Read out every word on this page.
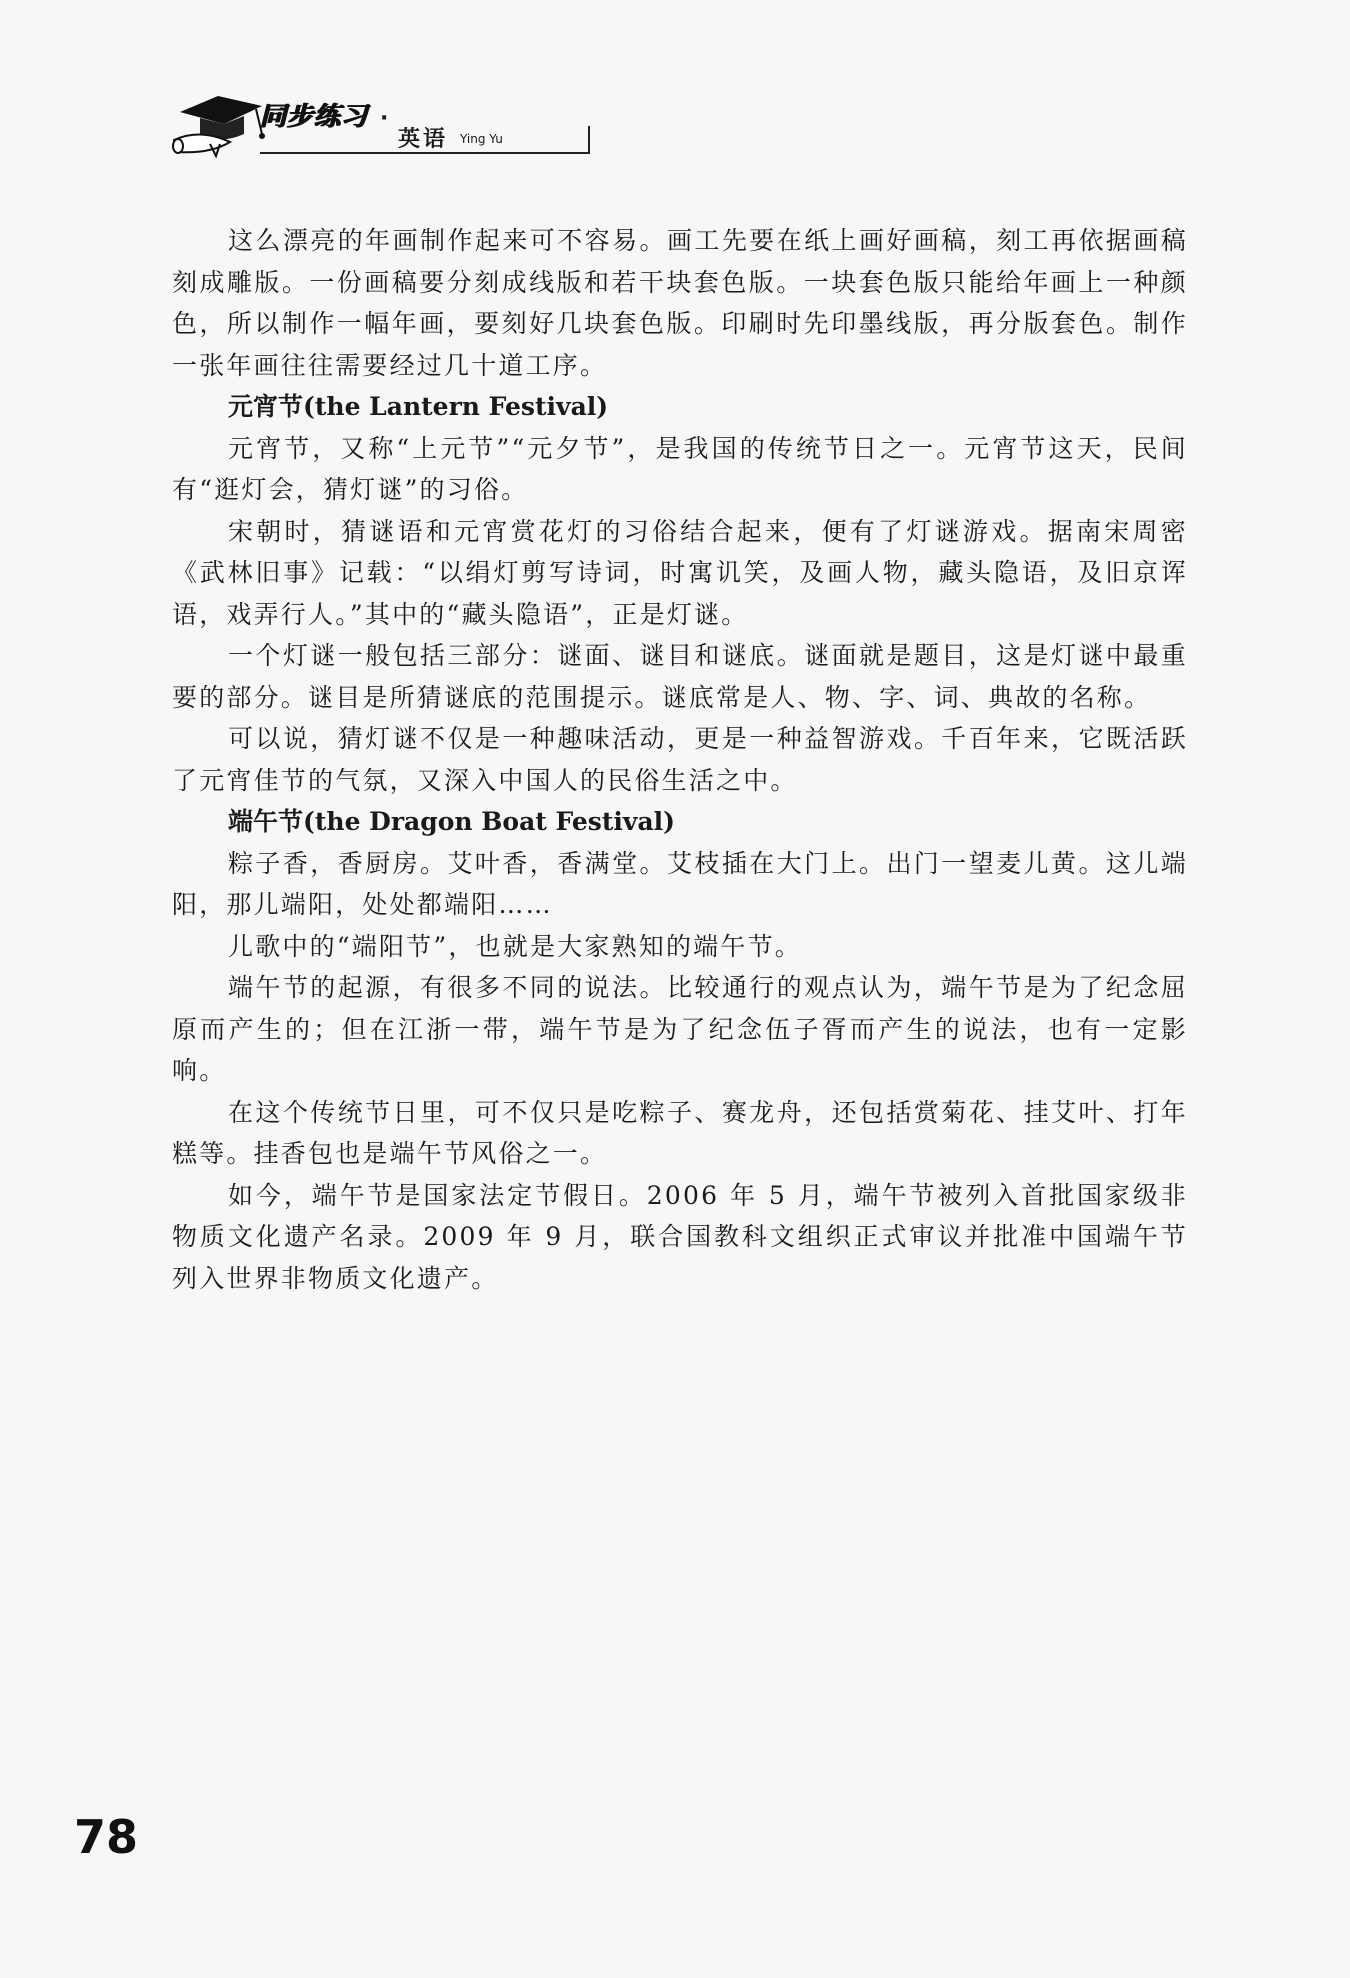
同步练习 ·
英语 Ying Yu

这么漂亮的年画制作起来可不容易。画工先要在纸上画好画稿，刻工再依据画稿刻成雕版。一份画稿要分刻成线版和若干块套色版。一块套色版只能给年画上一种颜色，所以制作一幅年画，要刻好几块套色版。印刷时先印墨线版，再分版套色。制作一张年画往往需要经过几十道工序。

元宵节(the Lantern Festival)

元宵节，又称“上元节”“元夕节”，是我国的传统节日之一。元宵节这天，民间有“逛灯会，猜灯谜”的习俗。

宋朝时，猜谜语和元宵赏花灯的习俗结合起来，便有了灯谜游戏。据南宋周密《武林旧事》记载：“以绢灯剪写诗词，时寓讥笑，及画人物，藏头隐语，及旧京诨语，戏弄行人。”其中的“藏头隐语”，正是灯谜。

一个灯谜一般包括三部分：谜面、谜目和谜底。谜面就是题目，这是灯谜中最重要的部分。谜目是所猜谜底的范围提示。谜底常是人、物、字、词、典故的名称。

可以说，猜灯谜不仅是一种趣味活动，更是一种益智游戏。千百年来，它既活跃了元宵佳节的气氛，又深入中国人的民俗生活之中。

端午节(the Dragon Boat Festival)

粽子香，香厨房。艾叶香，香满堂。艾枝插在大门上。出门一望麦儿黄。这儿端阳，那儿端阳，处处都端阳……

儿歌中的“端阳节”，也就是大家熟知的端午节。

端午节的起源，有很多不同的说法。比较通行的观点认为，端午节是为了纪念屈原而产生的；但在江浙一带，端午节是为了纪念伍子胥而产生的说法，也有一定影响。

在这个传统节日里，可不仅只是吃粽子、赛龙舟，还包括赏菊花、挂艾叶、打年糕等。挂香包也是端午节风俗之一。

如今，端午节是国家法定节假日。2006 年 5 月，端午节被列入首批国家级非物质文化遗产名录。2009 年 9 月，联合国教科文组织正式审议并批准中国端午节列入世界非物质文化遗产。

78
